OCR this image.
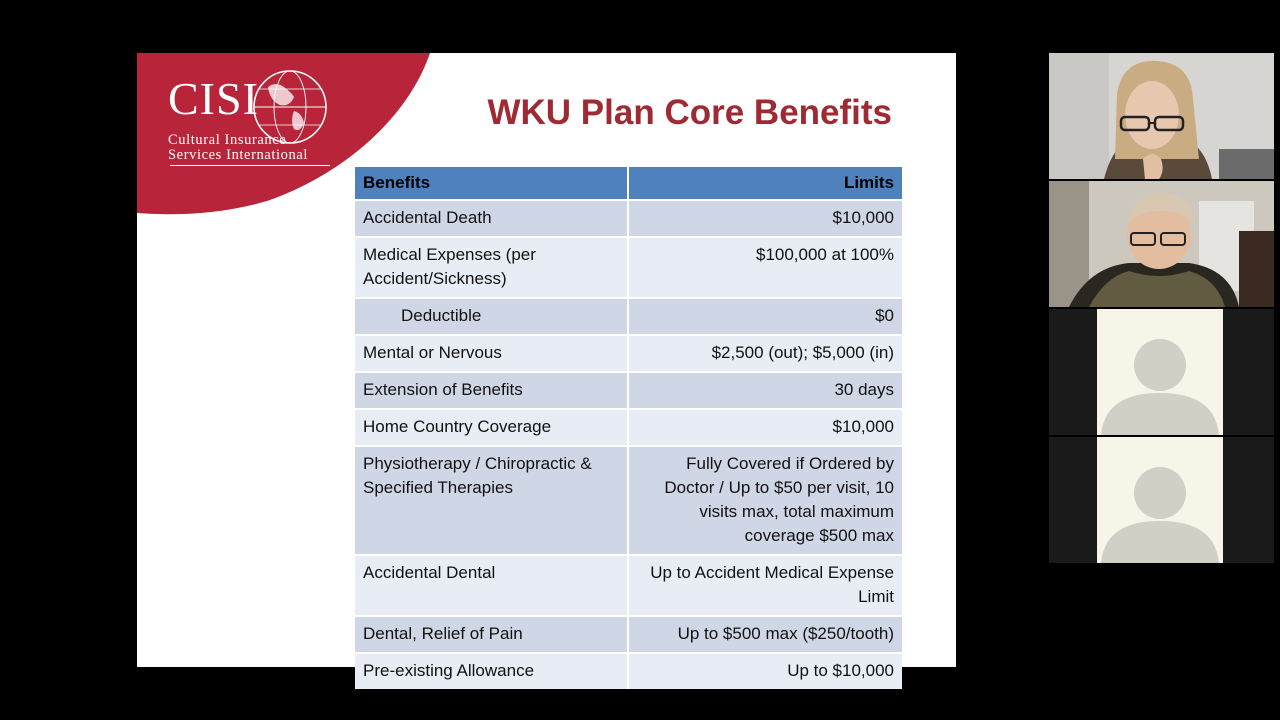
CISI
Cultural Insurance
Services International
WKU Plan Core Benefits
Benefits	Limits
Accidental Death	$10,000
Medical Expenses (per Accident/Sickness)	$100,000 at 100%
Deductible	$0
Mental or Nervous	$2,500 (out); $5,000 (in)
Extension of Benefits	30 days
Home Country Coverage	$10,000
Physiotherapy / Chiropractic & Specified Therapies	Fully Covered if Ordered by Doctor / Up to $50 per visit, 10 visits max, total maximum coverage $500 max
Accidental Dental	Up to Accident Medical Expense Limit
Dental, Relief of Pain	Up to $500 max ($250/tooth)
Pre-existing Allowance	Up to $10,000
